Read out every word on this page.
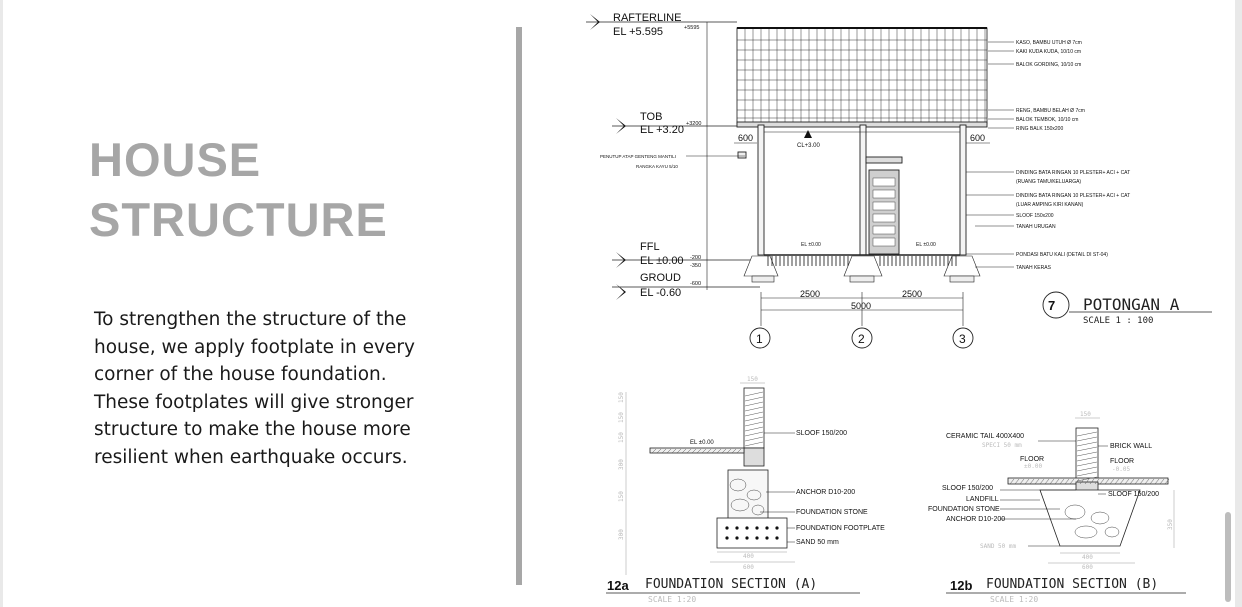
HOUSE
STRUCTURE

To strengthen the structure of the house, we apply footplate in every corner of the house foundation. These footplates will give stronger structure to make the house more resilient when earthquake occurs.

RAFTERLINE
EL +5.595	+5595
TOB
EL +3.20 +3200
FFL
EL ±0.00 -200
-350
GROUD
EL -0.60
-600
CL+3.00
600	600
PENUTUP ATAP GENTENG MANTILI
RANGKA KAYU 5/10
EL ±0.00	EL ±0.00
2500	2500
5000
1	2	3
KASO, BAMBU UTUH Ø 7cm
KAKI KUDA KUDA, 10/10 cm
BALOK GORDING, 10/10 cm
RENG, BAMBU BELAH Ø 7cm
BALOK TEMBOK, 10/10 cm
RING BALK 150x200
DINDING BATA RINGAN 10 PLESTER+ ACI + CAT
(RUANG TAMU/KELUARGA)
DINDING BATA RINGAN 10 PLESTER+ ACI + CAT
(LUAR AMPING KIRI KANAN)
SLOOF 150x200
TANAH URUGAN
PONDASI BATU KALI (DETAIL DI ST-04)
TANAH KERAS
7 POTONGAN A
SCALE 1 : 100
150
150
150
300
150
300
150
400
600
EL ±0.00
SLOOF 150/200
ANCHOR D10-200
FOUNDATION STONE
FOUNDATION FOOTPLATE
SAND 50 mm
12a FOUNDATION SECTION (A)
SCALE 1:20
150
350
400
600
CERAMIC TAIL 400X400
SPECI 50 mm	BRICK WALL
FLOOR
±0.00
FLOOR
-0.05
SLOOF 150/200
LANDFILL
FOUNDATION STONE
ANCHOR D10-200
SLOOF 150/200
SAND 50 mm
12b FOUNDATION SECTION (B)
SCALE 1:20
